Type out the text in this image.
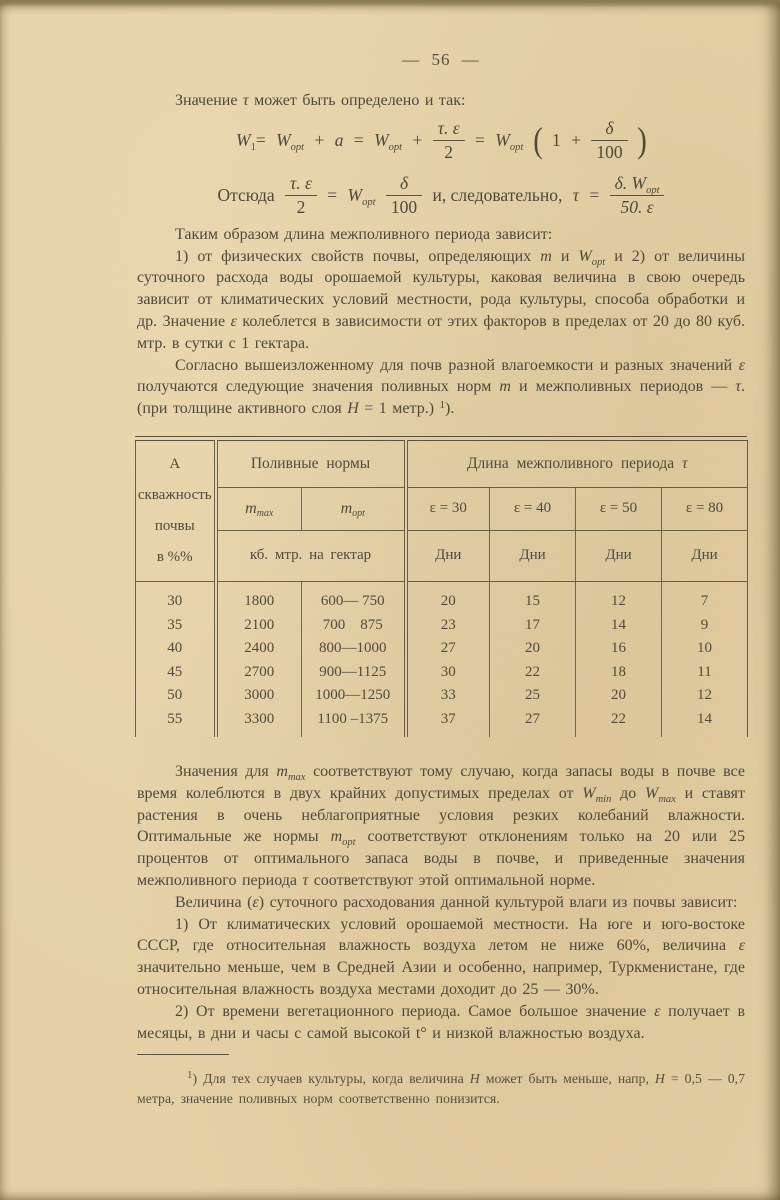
— 56 —

Значение τ может быть определено и так:

$W_1= W_{opt} + a = W_{opt} + \frac{\tau. \varepsilon}{2} = W_{opt}$ ( $1 + \frac{\delta}{100}$ )
Отсюда $\frac{\tau. \varepsilon}{2} = W_{opt} \frac{\delta}{100} и$, следовательно, $\tau = \frac{\delta. W_{opt}}{50. \varepsilon}$

Таким образом длина межполивного периода зависит:

1) от физических свойств почвы, определяющих m и $W_{opt}$ и 2) от величины суточного расхода воды орошаемой культуры, каковая величина в свою очередь зависит от климатических условий местности, рода культуры, способа обработки и др. Значение ε колеблется в зависимости от этих факторов в пределах от 20 до 80 куб. мтр. в сутки с 1 гектара.

Согласно вышеизложенному для почв разной влагоемкости и разных значений ε получаются следующие значения поливных норм m и межполивных периодов — τ. (при толщине активного слоя H = 1 метр.) $^1$).

А
скважность
почвы
в %%	Поливные нормы		Длина межполивного периода τ			
	$m_{max}$	$m_{opt}$	ε = 30	ε = 40	ε = 50	ε = 80
	кб. мтр. на гектар		Дни	Дни	Дни	Дни
30	1800	600— 750	20	15	12	7
35	2100	700  875	23	17	14	9
40	2400	800—1000	27	20	16	10
45	2700	900—1125	30	22	18	11
50	3000	1000—1250	33	25	20	12
55	3300	1100 –1375	37	27	22	14

Значения для $m_{max}$ соответствуют тому случаю, когда запасы воды в почве все время колеблются в двух крайних допустимых пределах от $W_{min}$ до $W_{max}$ и ставят растения в очень неблагоприятные условия резких колебаний влажности. Оптимальные же нормы $m_{opt}$ соответствуют отклонениям только на 20 или 25 процентов от оптимального запаса воды в почве, и приведенные значения межполивного периода τ соответствуют этой оптимальной норме.

Величина (ε) суточного расходования данной культурой влаги из почвы зависит:

1) От климатических условий орошаемой местности. На юге и юго-востоке СССР, где относительная влажность воздуха летом не ниже 60%, величина ε значительно меньше, чем в Средней Азии и особенно, например, Туркменистане, где относительная влажность воздуха местами доходит до 25 — 30%.

2) От времени вегетационного периода. Самое большое значение ε получает в месяцы, в дни и часы с самой высокой t° и низкой влажностью воздуха.

$^1$) Для тех случаев культуры, когда величина H может быть меньше, напр, H = 0,5 — 0,7 метра, значение поливных норм соответственно понизится.
